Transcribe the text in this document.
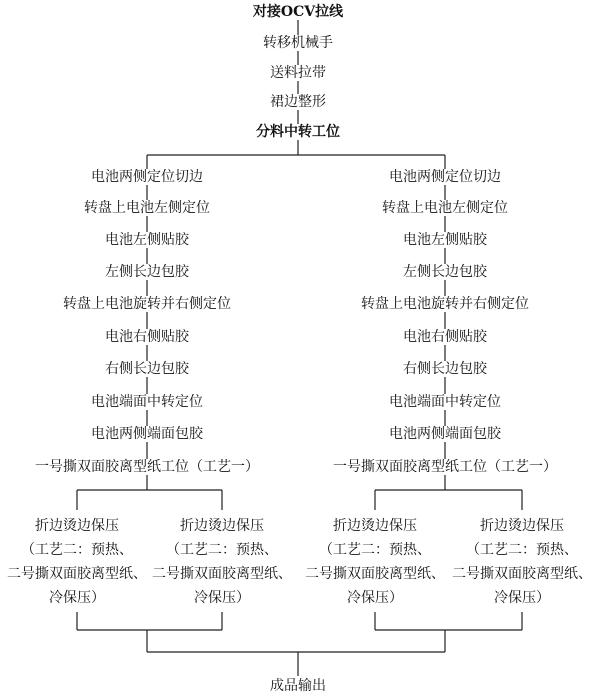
对接OCV拉线
转移机械手
送料拉带
裙边整形
分料中转工位
电池两侧定位切边
转盘上电池左侧定位
电池左侧贴胶
左侧长边包胶
转盘上电池旋转并右侧定位
电池右侧贴胶
右侧长边包胶
电池端面中转定位
电池两侧端面包胶
一号撕双面胶离型纸工位（工艺一）
电池两侧定位切边
转盘上电池左侧定位
电池左侧贴胶
左侧长边包胶
转盘上电池旋转并右侧定位
电池右侧贴胶
右侧长边包胶
电池端面中转定位
电池两侧端面包胶
一号撕双面胶离型纸工位（工艺一）
折边烫边保压
（工艺二：预热、
二号撕双面胶离型纸、
冷保压）
折边烫边保压
（工艺二：预热、
二号撕双面胶离型纸、
冷保压）
折边烫边保压
（工艺二：预热、
二号撕双面胶离型纸、
冷保压）
折边烫边保压
（工艺二：预热、
二号撕双面胶离型纸、
冷保压）
成品输出
